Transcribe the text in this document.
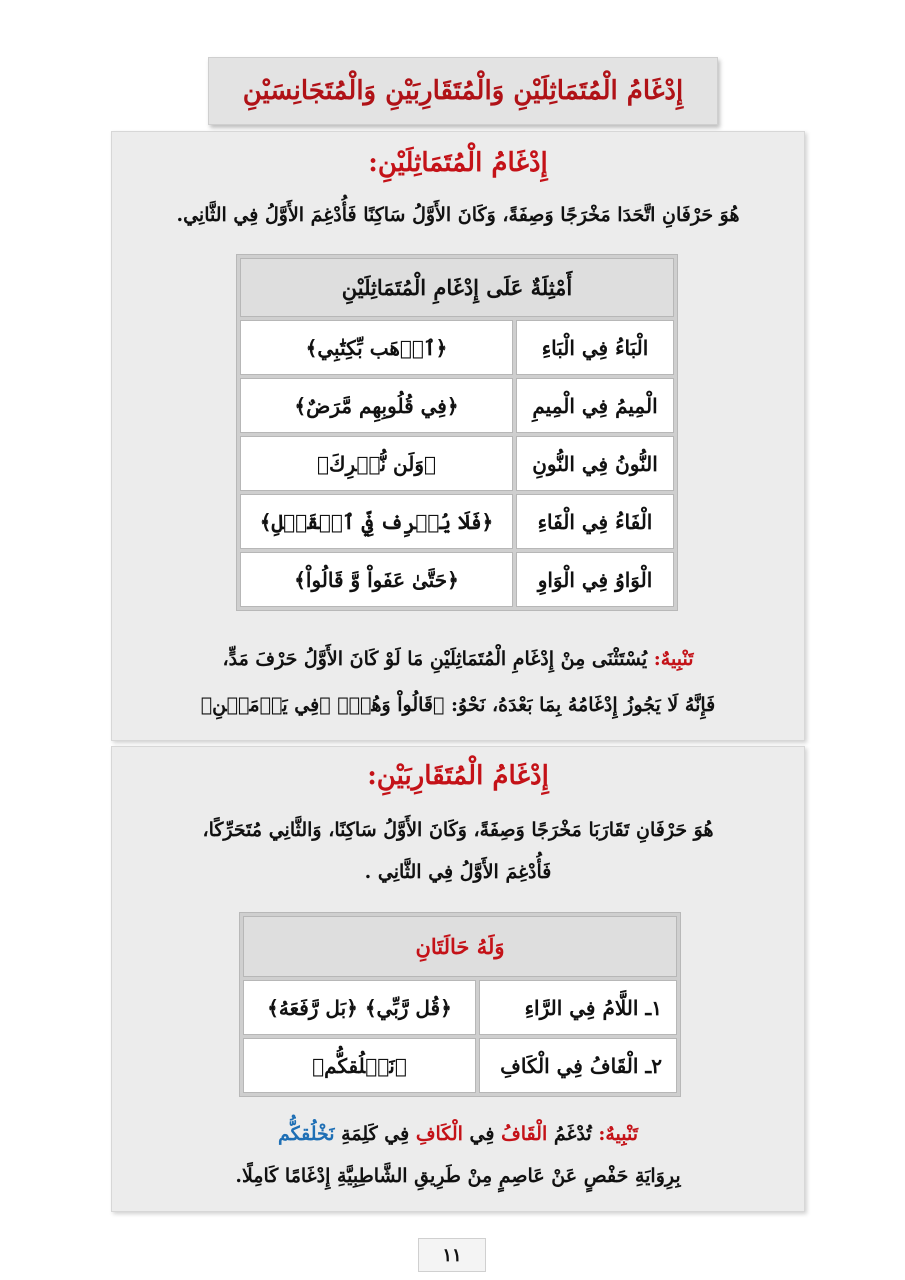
إِدْغَامُ الْمُتَمَاثِلَيْنِ وَالْمُتَقَارِبَيْنِ وَالْمُتَجَانِسَيْنِ
إِدْغَامُ الْمُتَمَاثِلَيْنِ:
هُوَ حَرْفَانِ اتَّحَدَا مَخْرَجًا وَصِفَةً، وَكَانَ الأَوَّلُ سَاكِنًا فَأُدْغِمَ الأَوَّلُ فِي الثَّانِي.
أَمْثِلَةٌ عَلَى إِدْغَامِ الْمُتَمَاثِلَيْنِ	
الْبَاءُ فِي الْبَاءِ	﴿ٱذۡهَب بِّكِتَٰبِي﴾
الْمِيمُ فِي الْمِيمِ	﴿فِي قُلُوبِهِم مَّرَضٌ﴾
النُّونُ فِي النُّونِ	﴿وَلَن نُّشۡرِكَ﴾
الْفَاءُ فِي الْفَاءِ	﴿فَلَا يُسۡرِف فِّي ٱلۡقَتۡلِ﴾
الْوَاوُ فِي الْوَاوِ	﴿حَتَّىٰ عَفَواْ وَّ قَالُواْ﴾
تَنْبِيهٌ: يُسْتَثْنَى مِنْ إِدْغَامِ الْمُتَمَاثِلَيْنِ مَا لَوْ كَانَ الأَوَّلُ حَرْفَ مَدٍّ،
فَإِنَّهُ لَا يَجُوزُ إِدْغَامُهُ بِمَا بَعْدَهُ، نَحْوُ: ﴿قَالُواْ وَهُمۡ﴾ ﴿فِي يَوۡمَيۡنِ﴾
إِدْغَامُ الْمُتَقَارِبَيْنِ:
هُوَ حَرْفَانِ تَقَارَبَا مَخْرَجًا وَصِفَةً، وَكَانَ الأَوَّلُ سَاكِنًا، وَالثَّانِي مُتَحَرِّكًا،
فَأُدْغِمَ الأَوَّلُ فِي الثَّانِي .
وَلَهُ حَالَتَانِ	
١ـ اللَّامُ فِي الرَّاءِ	﴿قُل رَّبِّي﴾ ﴿بَل رَّفَعَهُ﴾
٢ـ الْقَافُ فِي الْكَافِ	﴿نَخۡلُقكُّم﴾
تَنْبِيهٌ: تُدْغَمُ الْقَافُ فِي الْكَافِ فِي كَلِمَةِ نَخْلُقكُّم
بِرِوَايَةِ حَفْصٍ عَنْ عَاصِمٍ مِنْ طَرِيقِ الشَّاطِبِيَّةِ إِدْغَامًا كَامِلًا.
١١
